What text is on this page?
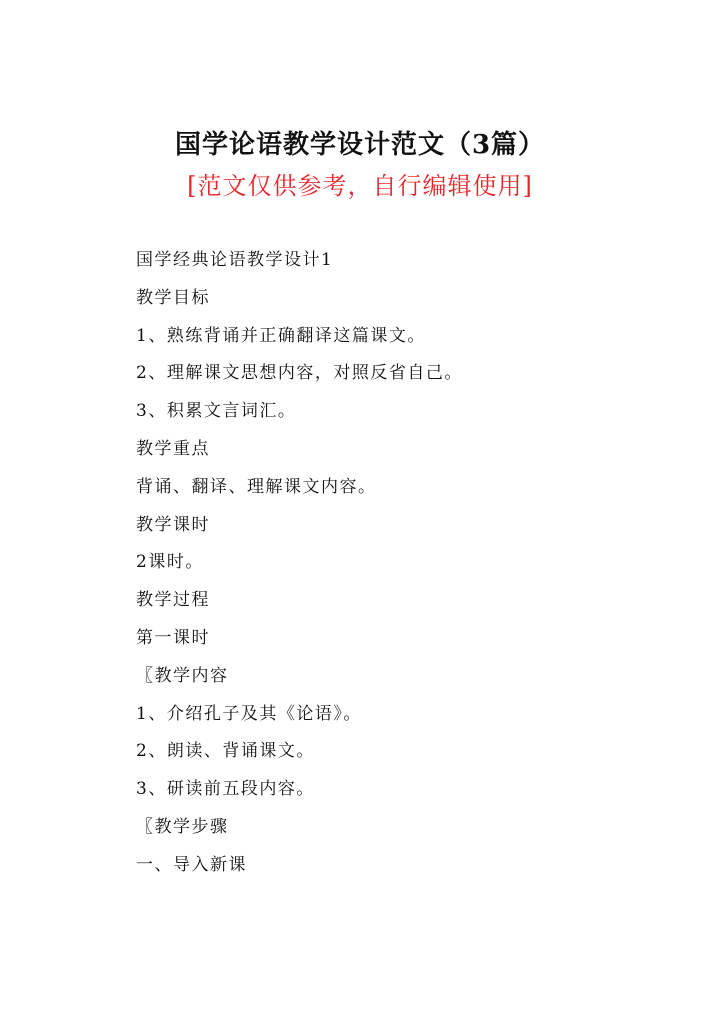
国学论语教学设计范文（3篇）
[范文仅供参考，自行编辑使用]
国学经典论语教学设计1
教学目标
1、熟练背诵并正确翻译这篇课文。
2、理解课文思想内容，对照反省自己。
3、积累文言词汇。
教学重点
背诵、翻译、理解课文内容。
教学课时
2课时。
教学过程
第一课时
〖教学内容
1、介绍孔子及其《论语》。
2、朗读、背诵课文。
3、研读前五段内容。
〖教学步骤
一、导入新课
